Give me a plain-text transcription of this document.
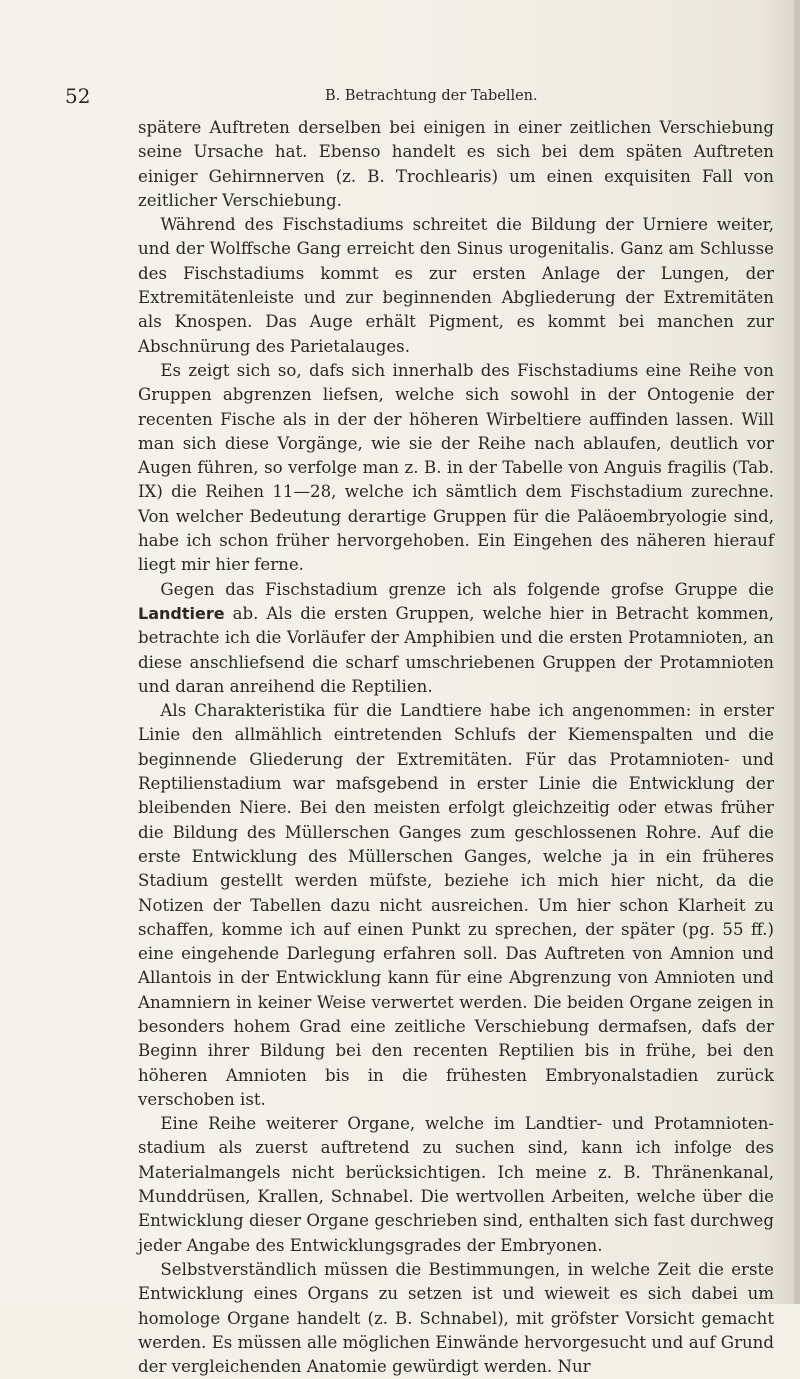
52	B. Betrachtung der Tabellen.

spätere Auftreten derselben bei einigen in einer zeitlichen Verschiebung seine Ursache hat. Ebenso handelt es sich bei dem späten Auftreten einiger Gehirnnerven (z. B. Trochlearis) um einen exquisiten Fall von zeitlicher Verschiebung.

Während des Fischstadiums schreitet die Bildung der Urniere weiter, und der Wolffsche Gang erreicht den Sinus urogenitalis. Ganz am Schlusse des Fischstadiums kommt es zur ersten Anlage der Lungen, der Extremitätenleiste und zur beginnenden Abgliederung der Extremitäten als Knospen. Das Auge erhält Pigment, es kommt bei manchen zur Abschnürung des Parietalauges.

Es zeigt sich so, dafs sich innerhalb des Fischstadiums eine Reihe von Gruppen abgrenzen liefsen, welche sich sowohl in der Ontogenie der recenten Fische als in der der höheren Wirbeltiere auffinden lassen. Will man sich diese Vorgänge, wie sie der Reihe nach ablaufen, deutlich vor Augen führen, so verfolge man z. B. in der Tabelle von Anguis fragilis (Tab. IX) die Reihen 11—28, welche ich sämtlich dem Fischstadium zurechne. Von welcher Bedeutung derartige Gruppen für die Paläoembryologie sind, habe ich schon früher hervorgehoben. Ein Eingehen des näheren hierauf liegt mir hier ferne.

Gegen das Fischstadium grenze ich als folgende grofse Gruppe die Landtiere ab. Als die ersten Gruppen, welche hier in Betracht kommen, betrachte ich die Vorläufer der Amphibien und die ersten Protamnioten, an diese anschliefsend die scharf umschriebenen Gruppen der Protamnioten und daran anreihend die Reptilien.

Als Charakteristika für die Landtiere habe ich angenommen: in erster Linie den allmählich eintretenden Schlufs der Kiemenspalten und die beginnende Gliederung der Extremitäten. Für das Protamnioten- und Reptilienstadium war mafsgebend in erster Linie die Entwicklung der bleibenden Niere. Bei den meisten erfolgt gleichzeitig oder etwas früher die Bildung des Müllerschen Ganges zum geschlossenen Rohre. Auf die erste Entwicklung des Müllerschen Ganges, welche ja in ein früheres Stadium gestellt werden müfste, beziehe ich mich hier nicht, da die Notizen der Tabellen dazu nicht ausreichen. Um hier schon Klarheit zu schaffen, komme ich auf einen Punkt zu sprechen, der später (pg. 55 ff.) eine eingehende Darlegung erfahren soll. Das Auftreten von Amnion und Allantois in der Entwicklung kann für eine Abgrenzung von Amnioten und Anamniern in keiner Weise verwertet werden. Die beiden Organe zeigen in besonders hohem Grad eine zeitliche Verschiebung dermafsen, dafs der Beginn ihrer Bildung bei den recenten Reptilien bis in frühe, bei den höheren Amnioten bis in die frühesten Embryonalstadien zurück verschoben ist.

Eine Reihe weiterer Organe, welche im Landtier- und Protamnioten-stadium als zuerst auftretend zu suchen sind, kann ich infolge des Materialmangels nicht berücksichtigen. Ich meine z. B. Thränenkanal, Munddrüsen, Krallen, Schnabel. Die wertvollen Arbeiten, welche über die Entwicklung dieser Organe geschrieben sind, enthalten sich fast durchweg jeder Angabe des Entwicklungsgrades der Embryonen.

Selbstverständlich müssen die Bestimmungen, in welche Zeit die erste Entwicklung eines Organs zu setzen ist und wieweit es sich dabei um homologe Organe handelt (z. B. Schnabel), mit gröfster Vorsicht gemacht werden. Es müssen alle möglichen Einwände hervorgesucht und auf Grund der vergleichenden Anatomie gewürdigt werden. Nur
